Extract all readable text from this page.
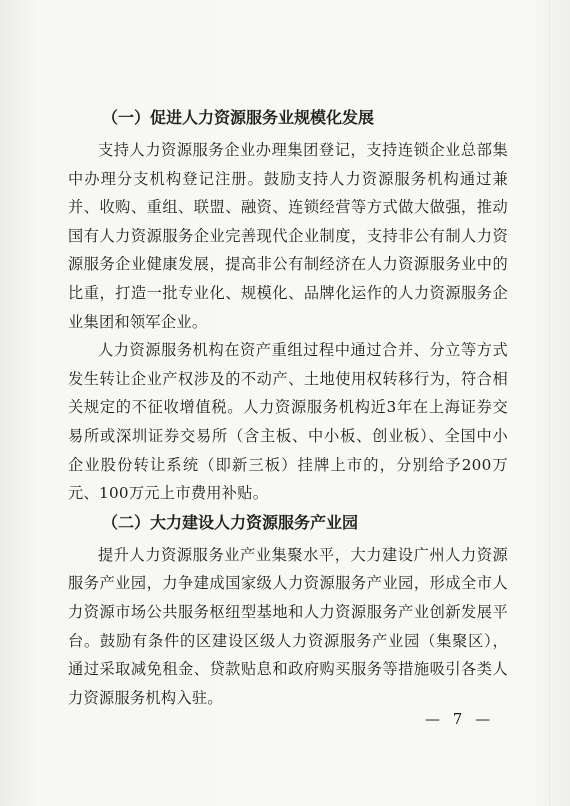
（一）促进人力资源服务业规模化发展

支持人力资源服务企业办理集团登记，支持连锁企业总部集中办理分支机构登记注册。鼓励支持人力资源服务机构通过兼并、收购、重组、联盟、融资、连锁经营等方式做大做强，推动国有人力资源服务企业完善现代企业制度，支持非公有制人力资源服务企业健康发展，提高非公有制经济在人力资源服务业中的比重，打造一批专业化、规模化、品牌化运作的人力资源服务企业集团和领军企业。

人力资源服务机构在资产重组过程中通过合并、分立等方式发生转让企业产权涉及的不动产、土地使用权转移行为，符合相关规定的不征收增值税。人力资源服务机构近3年在上海证券交易所或深圳证券交易所（含主板、中小板、创业板）、全国中小企业股份转让系统（即新三板）挂牌上市的，分别给予200万元、100万元上市费用补贴。

（二）大力建设人力资源服务产业园

提升人力资源服务业产业集聚水平，大力建设广州人力资源服务产业园，力争建成国家级人力资源服务产业园，形成全市人力资源市场公共服务枢纽型基地和人力资源服务产业创新发展平台。鼓励有条件的区建设区级人力资源服务产业园（集聚区），通过采取减免租金、贷款贴息和政府购买服务等措施吸引各类人力资源服务机构入驻。

— 7 —
